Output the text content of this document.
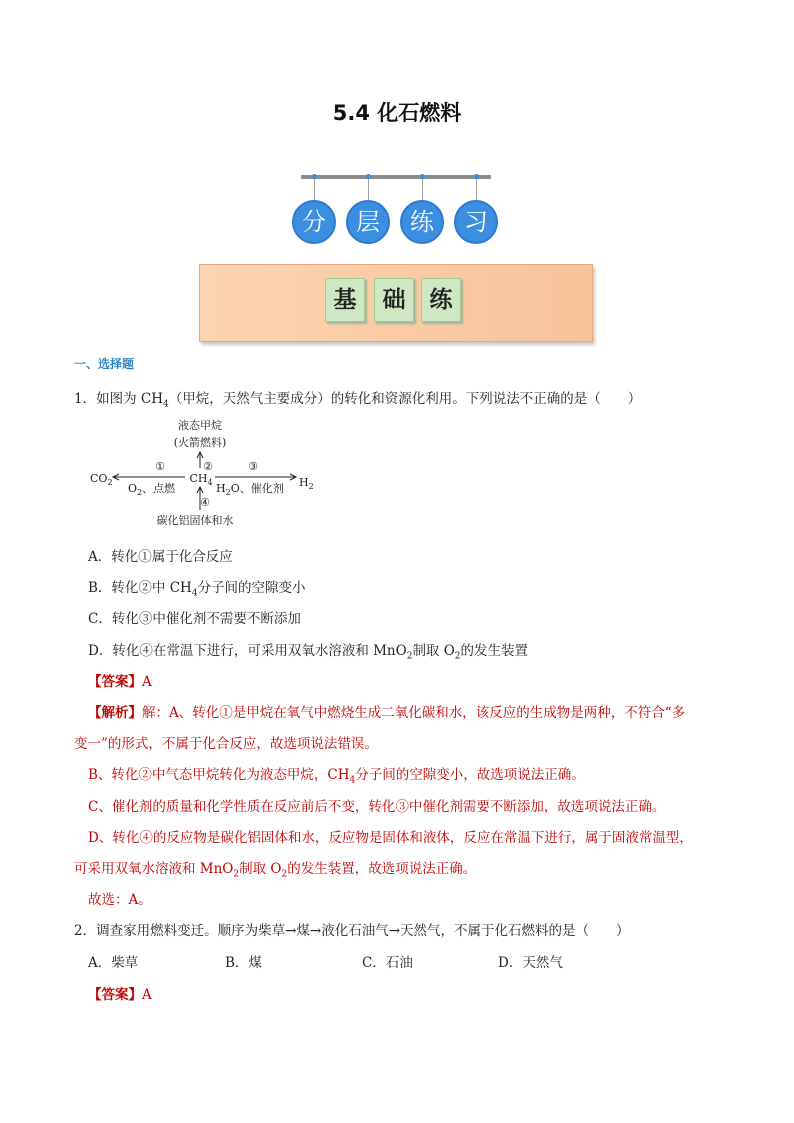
5.4 化石燃料
分	层	练	习
基	础	练
一、选择题
1．如图为 $CH_4$（甲烷，天然气主要成分）的转化和资源化利用。下列说法不正确的是（　　）
液态甲烷
(火箭燃料)
$CH_4$
$CO_2$	$H_2$
①	②	③
④
$O_2$、点燃	$H_2O$、催化剂
碳化铝固体和水
A．转化①属于化合反应
B．转化②中 $CH_4$分子间的空隙变小
C．转化③中催化剂不需要不断添加
D．转化④在常温下进行，可采用双氧水溶液和 MnO$_2$制取 $O_2$的发生装置
【答案】A
【解析】解：A、转化①是甲烷在氧气中燃烧生成二氧化碳和水，该反应的生成物是两种，不符合“多
变一”的形式，不属于化合反应，故选项说法错误。
B、转化②中气态甲烷转化为液态甲烷，$CH_4$分子间的空隙变小，故选项说法正确。
C、催化剂的质量和化学性质在反应前后不变，转化③中催化剂需要不断添加，故选项说法正确。
D、转化④的反应物是碳化铝固体和水，反应物是固体和液体，反应在常温下进行，属于固液常温型，
可采用双氧水溶液和 MnO$_2$制取 $O_2$的发生装置，故选项说法正确。
故选：A。
2．调查家用燃料变迁。顺序为柴草→煤→液化石油气→天然气，不属于化石燃料的是（　　）
A．柴草	B．煤	C．石油	D．天然气
【答案】A
